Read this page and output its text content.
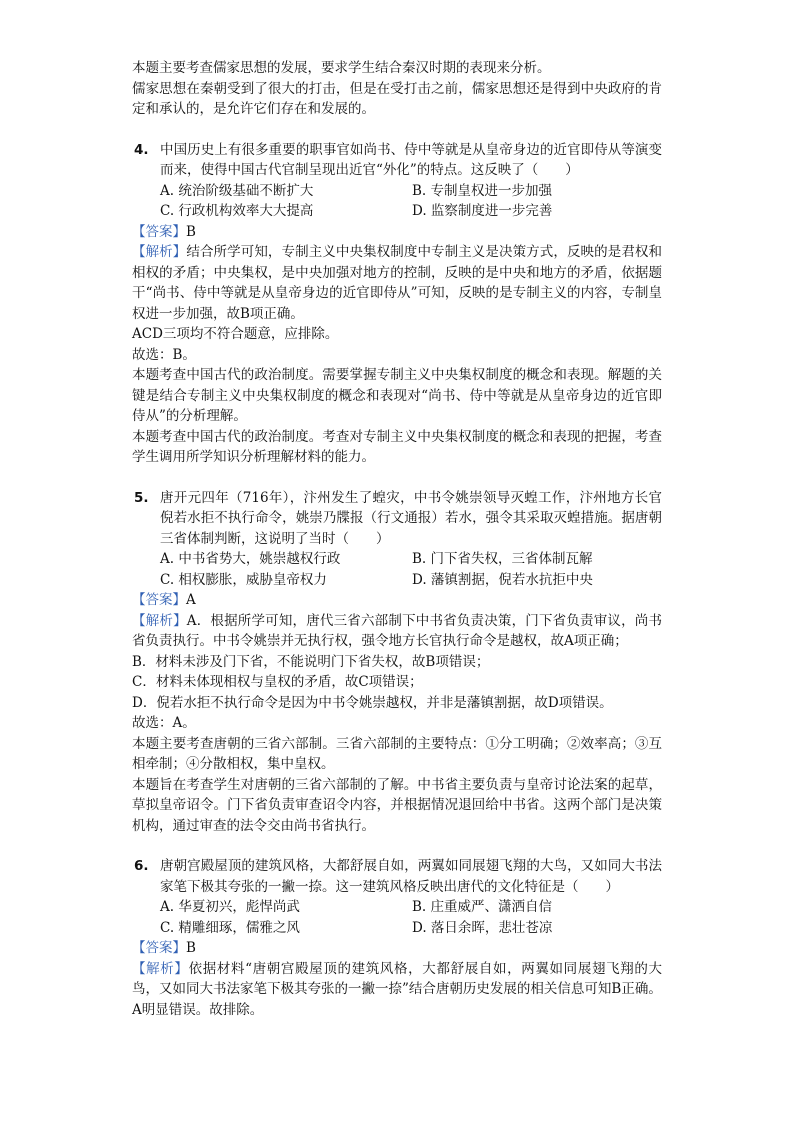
本题主要考查儒家思想的发展，要求学生结合秦汉时期的表现来分析。

儒家思想在秦朝受到了很大的打击，但是在受打击之前，儒家思想还是得到中央政府的肯定和承认的，是允许它们存在和发展的。

4. 中国历史上有很多重要的职事官如尚书、侍中等就是从皇帝身边的近官即侍从等演变而来，使得中国古代官制呈现出近官“外化”的特点。这反映了（　　）

A. 统治阶级基础不断扩大	B. 专制皇权进一步加强
C. 行政机构效率大大提高	D. 监察制度进一步完善

【答案】B

【解析】结合所学可知，专制主义中央集权制度中专制主义是决策方式，反映的是君权和相权的矛盾；中央集权，是中央加强对地方的控制，反映的是中央和地方的矛盾，依据题干“尚书、侍中等就是从皇帝身边的近官即侍从”可知，反映的是专制主义的内容，专制皇权进一步加强，故B项正确。

ACD三项均不符合题意，应排除。

故选：B。

本题考查中国古代的政治制度。需要掌握专制主义中央集权制度的概念和表现。解题的关键是结合专制主义中央集权制度的概念和表现对“尚书、侍中等就是从皇帝身边的近官即侍从”的分析理解。

本题考查中国古代的政治制度。考查对专制主义中央集权制度的概念和表现的把握，考查学生调用所学知识分析理解材料的能力。

5. 唐开元四年（716年），汴州发生了蝗灾，中书令姚崇领导灭蝗工作，汴州地方长官倪若水拒不执行命令，姚崇乃牒报（行文通报）若水，强令其采取灭蝗措施。据唐朝三省体制判断，这说明了当时（　　）

A. 中书省势大，姚崇越权行政	B. 门下省失权，三省体制瓦解
C. 相权膨胀，威胁皇帝权力	D. 藩镇割据，倪若水抗拒中央

【答案】A

【解析】A．根据所学可知，唐代三省六部制下中书省负责决策，门下省负责审议，尚书省负责执行。中书令姚崇并无执行权，强令地方长官执行命令是越权，故A项正确；

B．材料未涉及门下省，不能说明门下省失权，故B项错误；

C．材料未体现相权与皇权的矛盾，故C项错误；

D．倪若水拒不执行命令是因为中书令姚崇越权，并非是藩镇割据，故D项错误。

故选：A。

本题主要考查唐朝的三省六部制。三省六部制的主要特点：①分工明确；②效率高；③互相牵制；④分散相权，集中皇权。

本题旨在考查学生对唐朝的三省六部制的了解。中书省主要负责与皇帝讨论法案的起草，草拟皇帝诏令。门下省负责审查诏令内容，并根据情况退回给中书省。这两个部门是决策机构，通过审查的法令交由尚书省执行。

6. 唐朝宫殿屋顶的建筑风格，大都舒展自如，两翼如同展翅飞翔的大鸟，又如同大书法家笔下极其夸张的一撇一捺。这一建筑风格反映出唐代的文化特征是（　　）

A. 华夏初兴，彪悍尚武	B. 庄重威严、潇洒自信
C. 精雕细琢，儒雅之风	D. 落日余晖，悲壮苍凉

【答案】B

【解析】依据材料“唐朝宫殿屋顶的建筑风格，大都舒展自如，两翼如同展翅飞翔的大鸟，又如同大书法家笔下极其夸张的一撇一捺”结合唐朝历史发展的相关信息可知B正确。

A明显错误。故排除。
